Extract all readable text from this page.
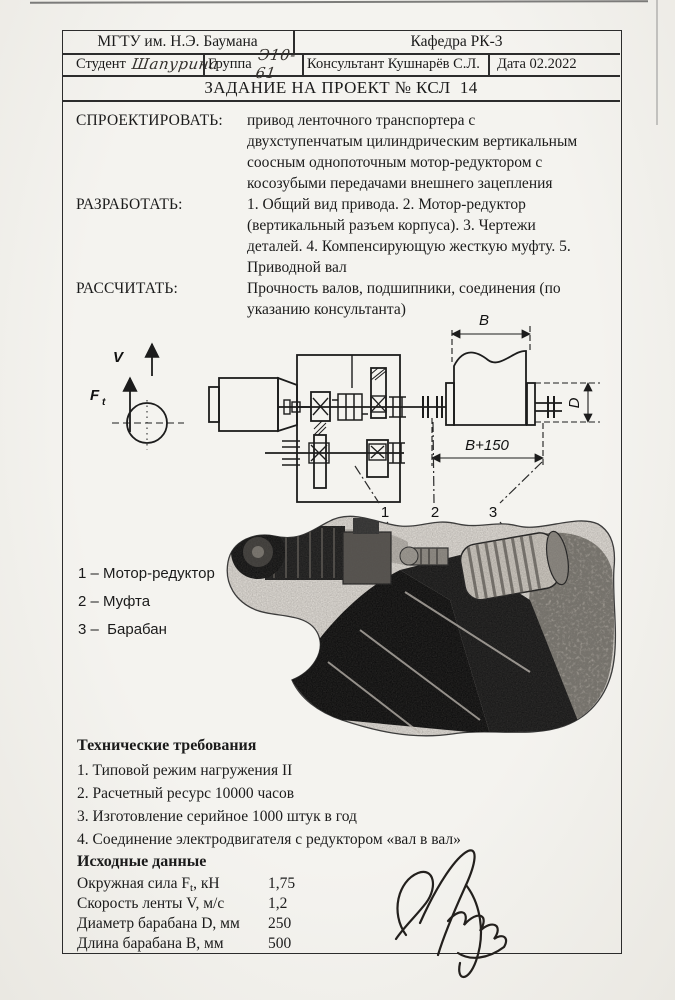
МГТУ им. Н.Э. Баумана	Кафедра РК-3
Студент Шапурина
Группа Э10-61
Консультант Кушнарёв С.Л.	Дата 02.2022
ЗАДАНИЕ НА ПРОЕКТ № КСЛ  14
СПРОЕКТИРОВАТЬ:	привод ленточного транспортера с двухступенчатым цилиндрическим вертикальным соосным однопоточным мотор-редуктором с косозубыми передачами внешнего зацепления
РАЗРАБОТАТЬ:	1. Общий вид привода. 2. Мотор-редуктор (вертикальный разъем корпуса). 3. Чертежи деталей. 4. Компенсирующую жесткую муфту. 5. Приводной вал
РАССЧИТАТЬ:	Прочность валов, подшипники, соединения (по указанию консультанта)
V
F t
B
D
B+150
1	2	3
1 – Мотор-редуктор
2 – Муфта
3 –  Барабан
Технические требования
1. Типовой режим нагружения II
2. Расчетный ресурс 10000 часов
3. Изготовление серийное 1000 штук в год
4. Соединение электродвигателя с редуктором «вал в вал»
Исходные данные
Окружная сила $F_t$, кН	1,75
Скорость ленты V, м/с	1,2
Диаметр барабана D, мм 250
Длина барабана B, мм	500
